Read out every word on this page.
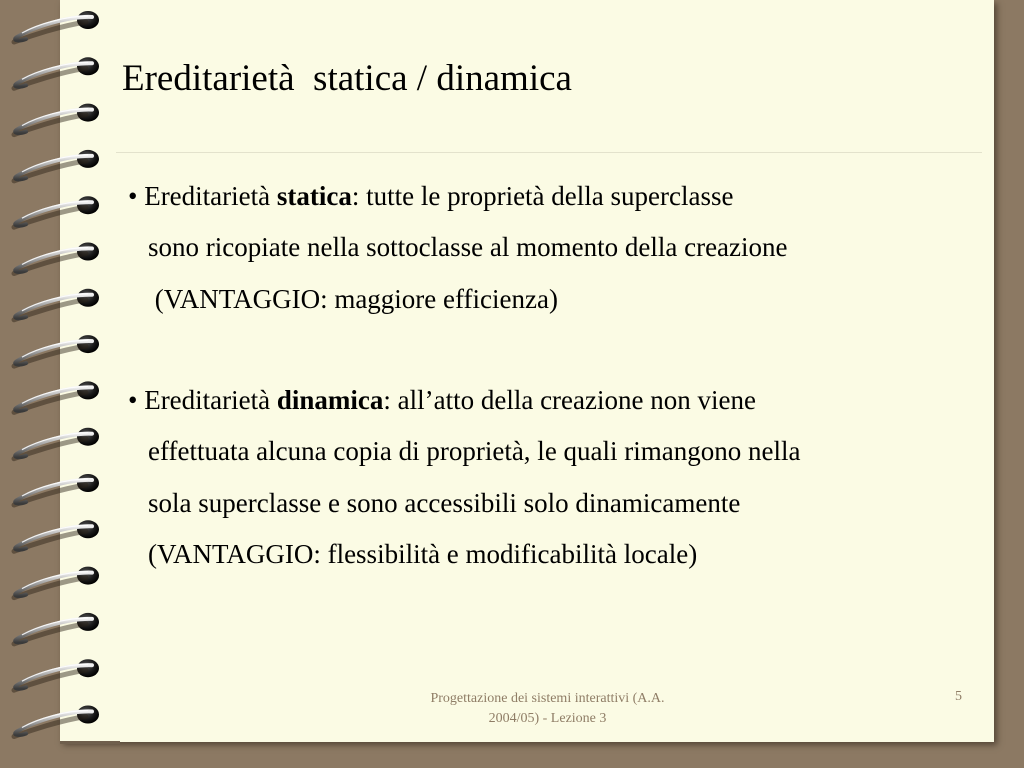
Ereditarietà  statica / dinamica
• Ereditarietà statica: tutte le proprietà della superclasse
sono ricopiate nella sottoclasse al momento della creazione
(VANTAGGIO: maggiore efficienza)
• Ereditarietà dinamica: all’atto della creazione non viene
effettuata alcuna copia di proprietà, le quali rimangono nella
sola superclasse e sono accessibili solo dinamicamente
(VANTAGGIO: flessibilità e modificabilità locale)
Progettazione dei sistemi interattivi (A.A.
2004/05) - Lezione 3
5
